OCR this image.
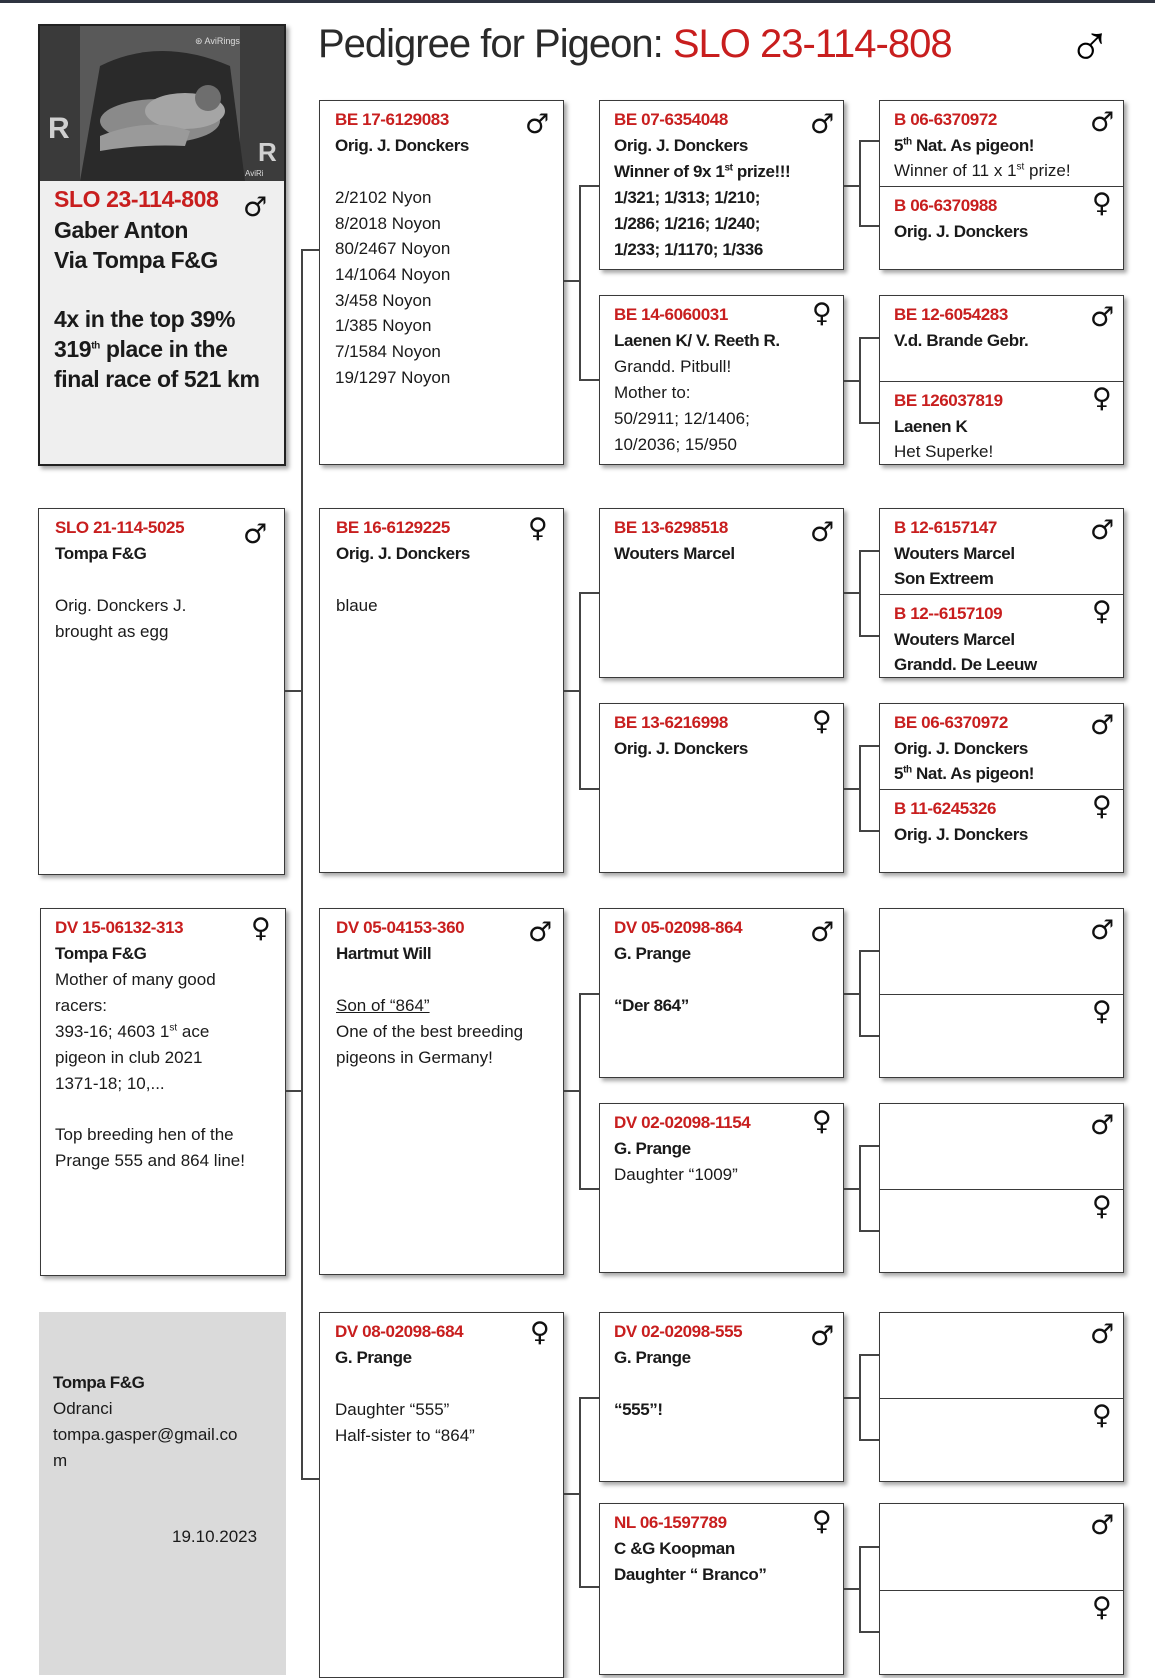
Pedigree for Pigeon: SLO 23-114-808 ♂
R
R
⊛ AviRings
AviRi
SLO 23-114-808 ♂
Gaber Anton
Via Tompa F&G
4x in the top 39%
319th place in the
final race of 521 km
SLO 21-114-5025 ♂
Tompa F&G
Orig. Donckers J.
brought as egg
DV 15-06132-313	♀
Tompa F&G
Mother of many good racers:
393-16; 4603 1st ace pigeon in club 2021
1371-18; 10,...
Top breeding hen of the Prange 555 and 864 line!
Tompa F&G
Odranci
tompa.gasper@gmail.co
m
19.10.2023
BE 17-6129083	♂
Orig. J. Donckers
2/2102 Nyon
8/2018 Noyon
80/2467 Noyon
14/1064 Noyon
3/458 Noyon
1/385 Noyon
7/1584 Noyon
19/1297 Noyon
BE 16-6129225	♀
Orig. J. Donckers
blaue
DV 05-04153-360 ♂
Hartmut Will
Son of “864”
One of the best breeding pigeons in Germany!
DV 08-02098-684 ♀
G. Prange
Daughter “555”
Half-sister to “864”
BE 07-6354048	♂
Orig. J. Donckers
Winner of 9x 1st prize!!!
1/321; 1/313; 1/210;
1/286; 1/216; 1/240;
1/233; 1/1170; 1/336
BE 14-6060031	♀
Laenen K/ V. Reeth R.
Grandd. Pitbull!
Mother to:
50/2911; 12/1406;
10/2036; 15/950
BE 13-6298518	♂
Wouters Marcel
BE 13-6216998	♀
Orig. J. Donckers
DV 05-02098-864	♂
G. Prange
“Der 864”
DV 02-02098-1154 ♀
G. Prange
Daughter “1009”
DV 02-02098-555	♂
G. Prange
“555”!
NL 06-1597789	♀
C &G Koopman
Daughter “ Branco”
B 06-6370972	♂
5th Nat. As pigeon!
Winner of 11 x 1st prize!
B 06-6370988	♀
Orig. J. Donckers
BE 12-6054283	♂
V.d. Brande Gebr.
BE 126037819	♀
Laenen K
Het Superke!
B 12-6157147	♂
Wouters Marcel
Son Extreem
B 12--6157109	♀
Wouters Marcel
Grandd. De Leeuw
BE 06-6370972	♂
Orig. J. Donckers
5th Nat. As pigeon!
B 11-6245326	♀
Orig. J. Donckers
♂
♀
♂
♀
♂
♀
♂
♀
